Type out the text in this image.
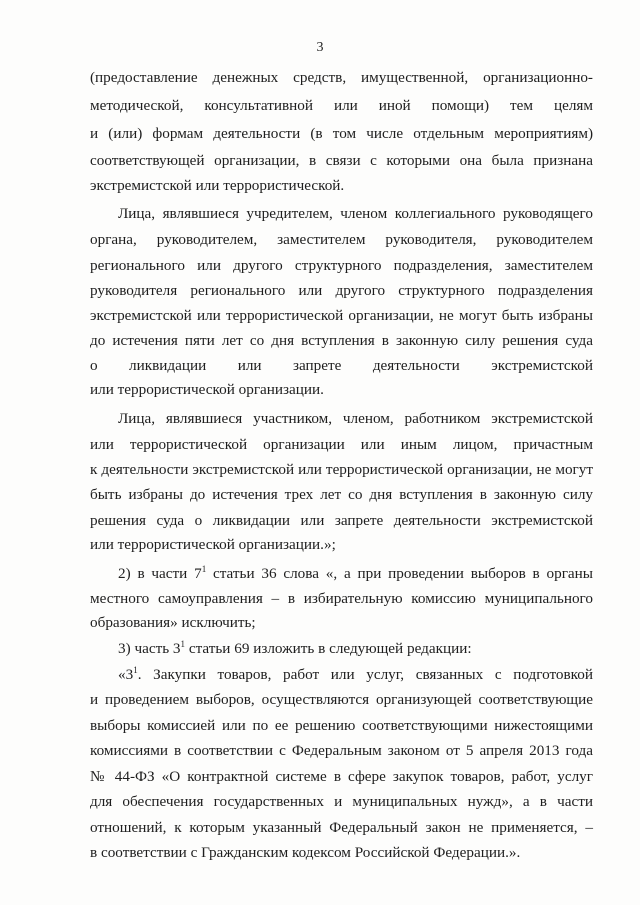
3
(предоставление денежных средств, имущественной, организационно-
методической, консультативной или иной помощи) тем целям
и (или) формам деятельности (в том числе отдельным мероприятиям)
соответствующей организации, в связи с которыми она была признана
экстремистской или террористической.
Лица, являвшиеся учредителем, членом коллегиального руководящего
органа, руководителем, заместителем руководителя, руководителем
регионального или другого структурного подразделения, заместителем
руководителя регионального или другого структурного подразделения
экстремистской или террористической организации, не могут быть избраны
до истечения пяти лет со дня вступления в законную силу решения суда
о ликвидации или запрете деятельности экстремистской
или террористической организации.
Лица, являвшиеся участником, членом, работником экстремистской
или террористической организации или иным лицом, причастным
к деятельности экстремистской или террористической организации, не могут
быть избраны до истечения трех лет со дня вступления в законную силу
решения суда о ликвидации или запрете деятельности экстремистской
или террористической организации.»;
2) в части $7^1$ статьи 36 слова «, а при проведении выборов в органы
местного самоуправления – в избирательную комиссию муниципального
образования» исключить;
3) часть $3^1$ статьи 69 изложить в следующей редакции:
«$3^1$. Закупки товаров, работ или услуг, связанных с подготовкой
и проведением выборов, осуществляются организующей соответствующие
выборы комиссией или по ее решению соответствующими нижестоящими
комиссиями в соответствии с Федеральным законом от 5 апреля 2013 года
№ 44-ФЗ «О контрактной системе в сфере закупок товаров, работ, услуг
для обеспечения государственных и муниципальных нужд», а в части
отношений, к которым указанный Федеральный закон не применяется, –
в соответствии с Гражданским кодексом Российской Федерации.».
